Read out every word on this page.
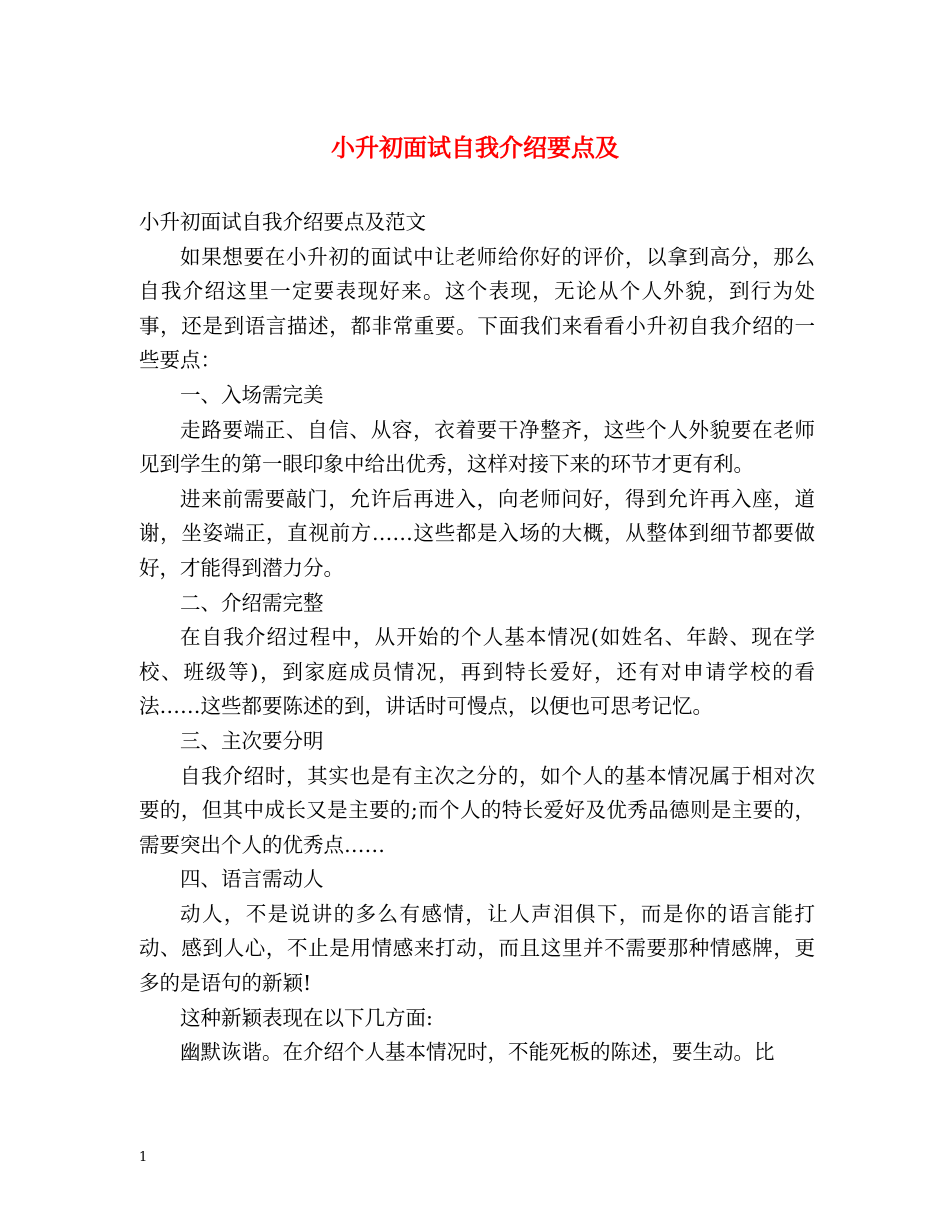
小升初面试自我介绍要点及

小升初面试自我介绍要点及范文

如果想要在小升初的面试中让老师给你好的评价，以拿到高分，那么自我介绍这里一定要表现好来。这个表现，无论从个人外貌，到行为处事，还是到语言描述，都非常重要。下面我们来看看小升初自我介绍的一些要点：

一、入场需完美

走路要端正、自信、从容，衣着要干净整齐，这些个人外貌要在老师见到学生的第一眼印象中给出优秀，这样对接下来的环节才更有利。

进来前需要敲门，允许后再进入，向老师问好，得到允许再入座，道谢，坐姿端正，直视前方……这些都是入场的大概，从整体到细节都要做好，才能得到潜力分。

二、介绍需完整

在自我介绍过程中，从开始的个人基本情况(如姓名、年龄、现在学校、班级等)，到家庭成员情况，再到特长爱好，还有对申请学校的看法……这些都要陈述的到，讲话时可慢点，以便也可思考记忆。

三、主次要分明

自我介绍时，其实也是有主次之分的，如个人的基本情况属于相对次要的，但其中成长又是主要的;而个人的特长爱好及优秀品德则是主要的，需要突出个人的优秀点……

四、语言需动人

动人，不是说讲的多么有感情，让人声泪俱下，而是你的语言能打动、感到人心，不止是用情感来打动，而且这里并不需要那种情感牌，更多的是语句的新颖!

这种新颖表现在以下几方面:

幽默诙谐。在介绍个人基本情况时，不能死板的陈述，要生动。比

1
